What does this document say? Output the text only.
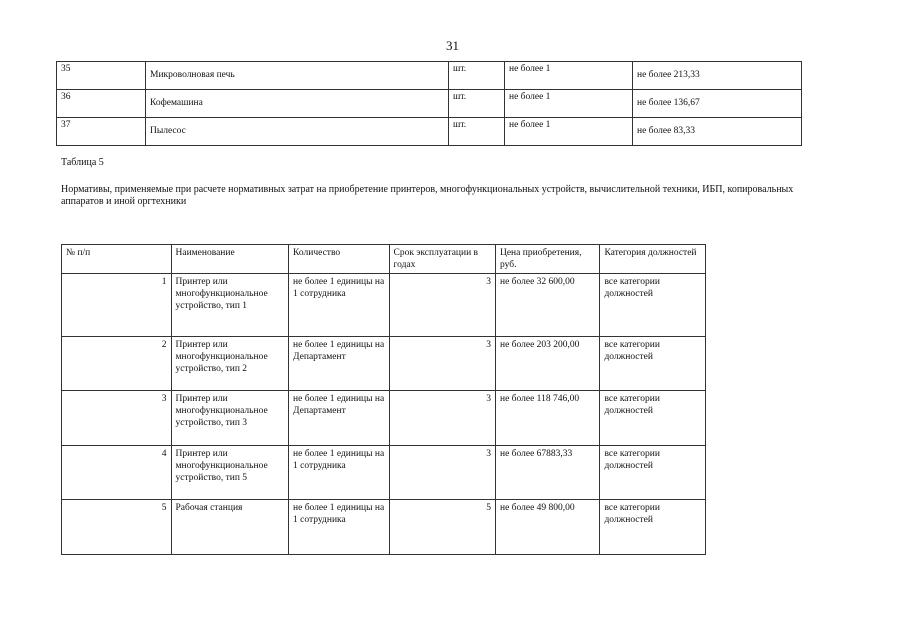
31
35	Микроволновая печь	шт.	не более 1	не более 213,33
36	Кофемашина	шт.	не более 1	не более 136,67
37	Пылесос	шт.	не более 1	не более 83,33
Таблица 5
Нормативы, применяемые при расчете нормативных затрат на приобретение принтеров, многофункциональных устройств, вычислительной техники, ИБП, копировальных аппаратов и иной оргтехники
№ п/п	Наименование	Количество	Срок эксплуатации в годах	Цена приобретения, руб.	Категория должностей
1	Принтер или многофункциональное устройство, тип 1	не более 1 единицы на 1 сотрудника	3	не более 32 600,00	все категории должностей
2	Принтер или многофункциональное устройство, тип 2	не более 1 единицы на Департамент	3	не более 203 200,00	все категории должностей
3	Принтер или многофункциональное устройство, тип 3	не более 1 единицы на Департамент	3	не более 118 746,00	все категории должностей
4	Принтер или многофункциональное устройство, тип 5	не более 1 единицы на 1 сотрудника	3	не более 67883,33	все категории должностей
5	Рабочая станция	не более 1 единицы на 1 сотрудника	5	не более 49 800,00	все категории должностей
